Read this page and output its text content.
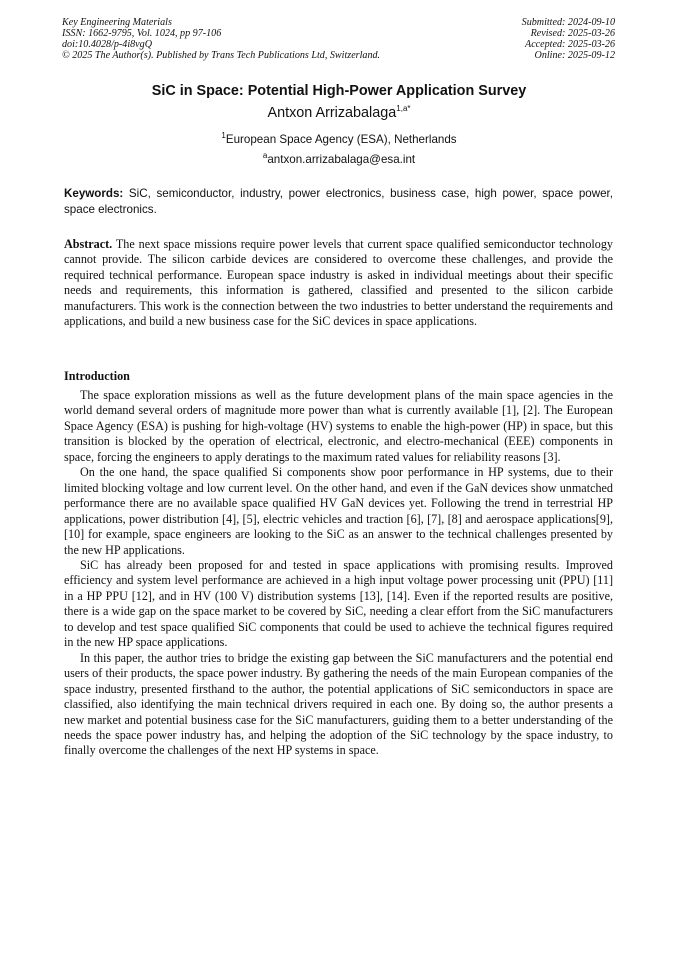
Key Engineering Materials
ISSN: 1662-9795, Vol. 1024, pp 97-106
doi:10.4028/p-4i8vgQ
© 2025 The Author(s). Published by Trans Tech Publications Ltd, Switzerland.
Submitted: 2024-09-10
Revised: 2025-03-26
Accepted: 2025-03-26
Online: 2025-09-12
SiC in Space: Potential High-Power Application Survey
Antxon Arrizabalaga$^{1,a*}$
$^1$European Space Agency (ESA), Netherlands
$^a$antxon.arrizabalaga@esa.int
Keywords: SiC, semiconductor, industry, power electronics, business case, high power, space power, space electronics.
Abstract. The next space missions require power levels that current space qualified semiconductor technology cannot provide. The silicon carbide devices are considered to overcome these challenges, and provide the required technical performance. European space industry is asked in individual meetings about their specific needs and requirements, this information is gathered, classified and presented to the silicon carbide manufacturers. This work is the connection between the two industries to better understand the requirements and applications, and build a new business case for the SiC devices in space applications.
Introduction

The space exploration missions as well as the future development plans of the main space agencies in the world demand several orders of magnitude more power than what is currently available [1], [2]. The European Space Agency (ESA) is pushing for high-voltage (HV) systems to enable the high-power (HP) in space, but this transition is blocked by the operation of electrical, electronic, and electro-mechanical (EEE) components in space, forcing the engineers to apply deratings to the maximum rated values for reliability reasons [3].

On the one hand, the space qualified Si components show poor performance in HP systems, due to their limited blocking voltage and low current level. On the other hand, and even if the GaN devices show unmatched performance there are no available space qualified HV GaN devices yet. Following the trend in terrestrial HP applications, power distribution [4], [5], electric vehicles and traction [6], [7], [8] and aerospace applications[9], [10] for example, space engineers are looking to the SiC as an answer to the technical challenges presented by the new HP applications.

SiC has already been proposed for and tested in space applications with promising results. Improved efficiency and system level performance are achieved in a high input voltage power processing unit (PPU) [11] in a HP PPU [12], and in HV (100 V) distribution systems [13], [14]. Even if the reported results are positive, there is a wide gap on the space market to be covered by SiC, needing a clear effort from the SiC manufacturers to develop and test space qualified SiC components that could be used to achieve the technical figures required in the new HP space applications.

In this paper, the author tries to bridge the existing gap between the SiC manufacturers and the potential end users of their products, the space power industry. By gathering the needs of the main European companies of the space industry, presented firsthand to the author, the potential applications of SiC semiconductors in space are classified, also identifying the main technical drivers required in each one. By doing so, the author presents a new market and potential business case for the SiC manufacturers, guiding them to a better understanding of the needs the space power industry has, and helping the adoption of the SiC technology by the space industry, to finally overcome the challenges of the next HP systems in space.
